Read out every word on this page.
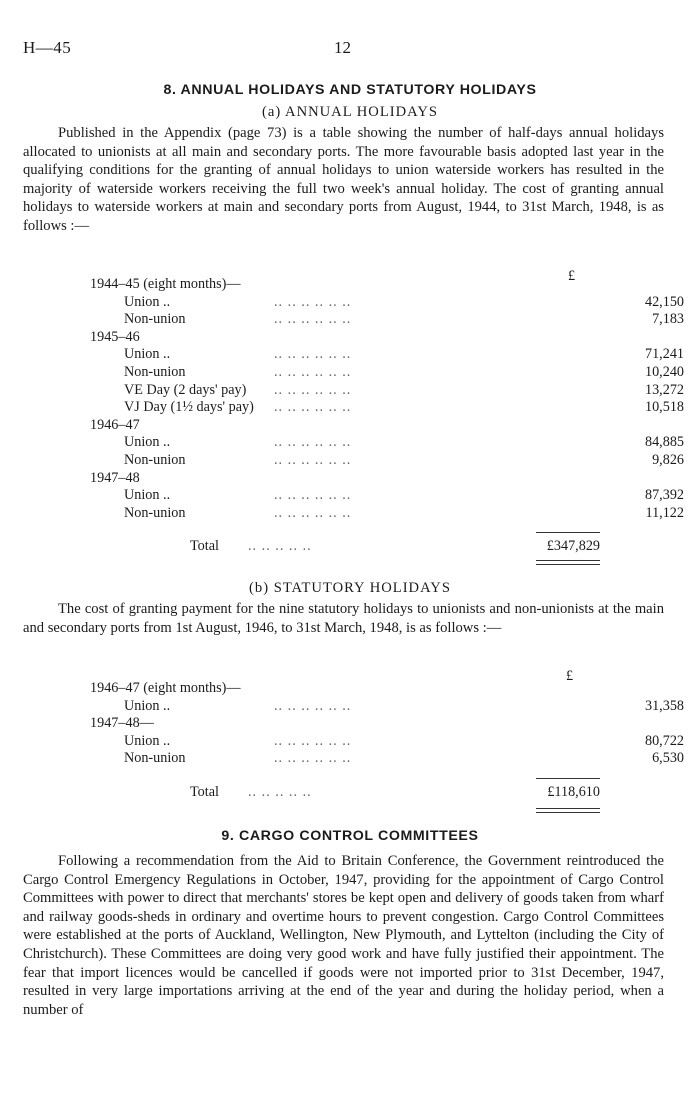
H—45	12
8. ANNUAL HOLIDAYS AND STATUTORY HOLIDAYS
(a) ANNUAL HOLIDAYS

Published in the Appendix (page 73) is a table showing the number of half-days annual holidays allocated to unionists at all main and secondary ports. The more favourable basis adopted last year in the qualifying conditions for the granting of annual holidays to union waterside workers has resulted in the majority of waterside workers receiving the full two week's annual holiday. The cost of granting annual holidays to waterside workers at main and secondary ports from August, 1944, to 31st March, 1948, is as follows :—

£
1944–45 (eight months)—		
Union ..	.. .. .. .. .. ..	42,150
Non-union	.. .. .. .. .. ..	7,183
1945–46		
Union ..	.. .. .. .. .. ..	71,241
Non-union	.. .. .. .. .. ..	10,240
VE Day (2 days' pay)	.. .. .. .. .. ..	13,272
VJ Day (1½ days' pay)	.. .. .. .. .. ..	10,518
1946–47		
Union ..	.. .. .. .. .. ..	84,885
Non-union	.. .. .. .. .. ..	9,826
1947–48		
Union ..	.. .. .. .. .. ..	87,392
Non-union	.. .. .. .. .. ..	11,122
Total .. .. .. .. ..	£347,829
(b) STATUTORY HOLIDAYS

The cost of granting payment for the nine statutory holidays to unionists and non-unionists at the main and secondary ports from 1st August, 1946, to 31st March, 1948, is as follows :—

£
1946–47 (eight months)—		
Union ..	.. .. .. .. .. ..	31,358
1947–48—		
Union ..	.. .. .. .. .. ..	80,722
Non-union	.. .. .. .. .. ..	6,530
Total .. .. .. .. ..	£118,610
9. CARGO CONTROL COMMITTEES

Following a recommendation from the Aid to Britain Conference, the Government reintroduced the Cargo Control Emergency Regulations in October, 1947, providing for the appointment of Cargo Control Committees with power to direct that merchants' stores be kept open and delivery of goods taken from wharf and railway goods-sheds in ordinary and overtime hours to prevent congestion. Cargo Control Committees were established at the ports of Auckland, Wellington, New Plymouth, and Lyttelton (including the City of Christchurch). These Committees are doing very good work and have fully justified their appointment. The fear that import licences would be cancelled if goods were not imported prior to 31st December, 1947, resulted in very large importations arriving at the end of the year and during the holiday period, when a number of
